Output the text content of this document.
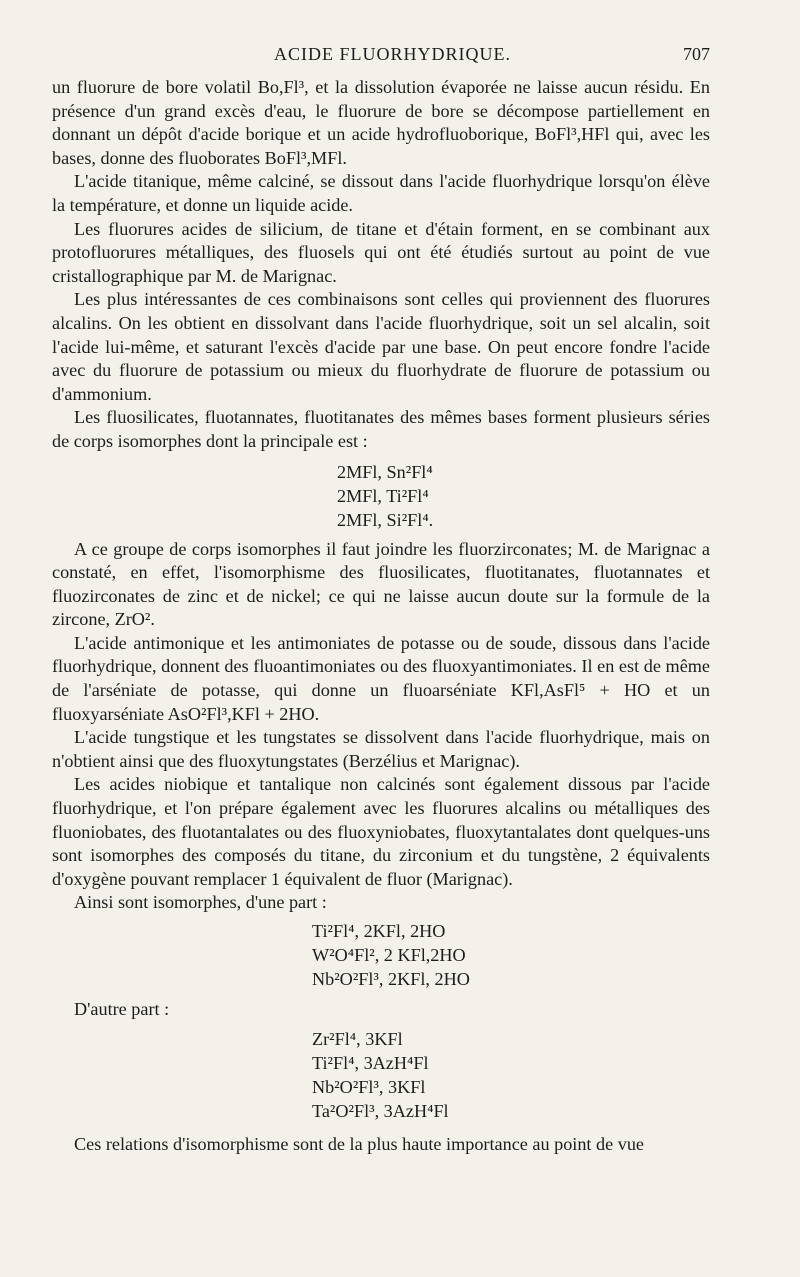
ACIDE FLUORHYDRIQUE.	707

un fluorure de bore volatil Bo,Fl³, et la dissolution évaporée ne laisse aucun résidu. En présence d'un grand excès d'eau, le fluorure de bore se décompose partiellement en donnant un dépôt d'acide borique et un acide hydrofluoborique, BoFl³,HFl qui, avec les bases, donne des fluoborates BoFl³,MFl.

L'acide titanique, même calciné, se dissout dans l'acide fluorhydrique lorsqu'on élève la température, et donne un liquide acide.

Les fluorures acides de silicium, de titane et d'étain forment, en se combinant aux protofluorures métalliques, des fluosels qui ont été étudiés surtout au point de vue cristallographique par M. de Marignac.

Les plus intéressantes de ces combinaisons sont celles qui proviennent des fluorures alcalins. On les obtient en dissolvant dans l'acide fluorhydrique, soit un sel alcalin, soit l'acide lui-même, et saturant l'excès d'acide par une base. On peut encore fondre l'acide avec du fluorure de potassium ou mieux du fluorhydrate de fluorure de potassium ou d'ammonium.

Les fluosilicates, fluotannates, fluotitanates des mêmes bases forment plusieurs séries de corps isomorphes dont la principale est :

2MFl, Sn²Fl⁴
2MFl, Ti²Fl⁴
2MFl, Si²Fl⁴.

A ce groupe de corps isomorphes il faut joindre les fluorzirconates; M. de Marignac a constaté, en effet, l'isomorphisme des fluosilicates, fluotitanates, fluotannates et fluozirconates de zinc et de nickel; ce qui ne laisse aucun doute sur la formule de la zircone, ZrO².

L'acide antimonique et les antimoniates de potasse ou de soude, dissous dans l'acide fluorhydrique, donnent des fluoantimoniates ou des fluoxyantimoniates. Il en est de même de l'arséniate de potasse, qui donne un fluoarséniate KFl,AsFl⁵ + HO et un fluoxyarséniate AsO²Fl³,KFl + 2HO.

L'acide tungstique et les tungstates se dissolvent dans l'acide fluorhydrique, mais on n'obtient ainsi que des fluoxytungstates (Berzélius et Marignac).

Les acides niobique et tantalique non calcinés sont également dissous par l'acide fluorhydrique, et l'on prépare également avec les fluorures alcalins ou métalliques des fluoniobates, des fluotantalates ou des fluoxyniobates, fluoxytantalates dont quelques-uns sont isomorphes des composés du titane, du zirconium et du tungstène, 2 équivalents d'oxygène pouvant remplacer 1 équivalent de fluor (Marignac).

Ainsi sont isomorphes, d'une part :

Ti²Fl⁴, 2KFl, 2HO
W²O⁴Fl², 2 KFl,2HO
Nb²O²Fl³, 2KFl, 2HO
D'autre part :
Zr²Fl⁴, 3KFl
Ti²Fl⁴, 3AzH⁴Fl
Nb²O²Fl³, 3KFl
Ta²O²Fl³, 3AzH⁴Fl

Ces relations d'isomorphisme sont de la plus haute importance au point de vue
